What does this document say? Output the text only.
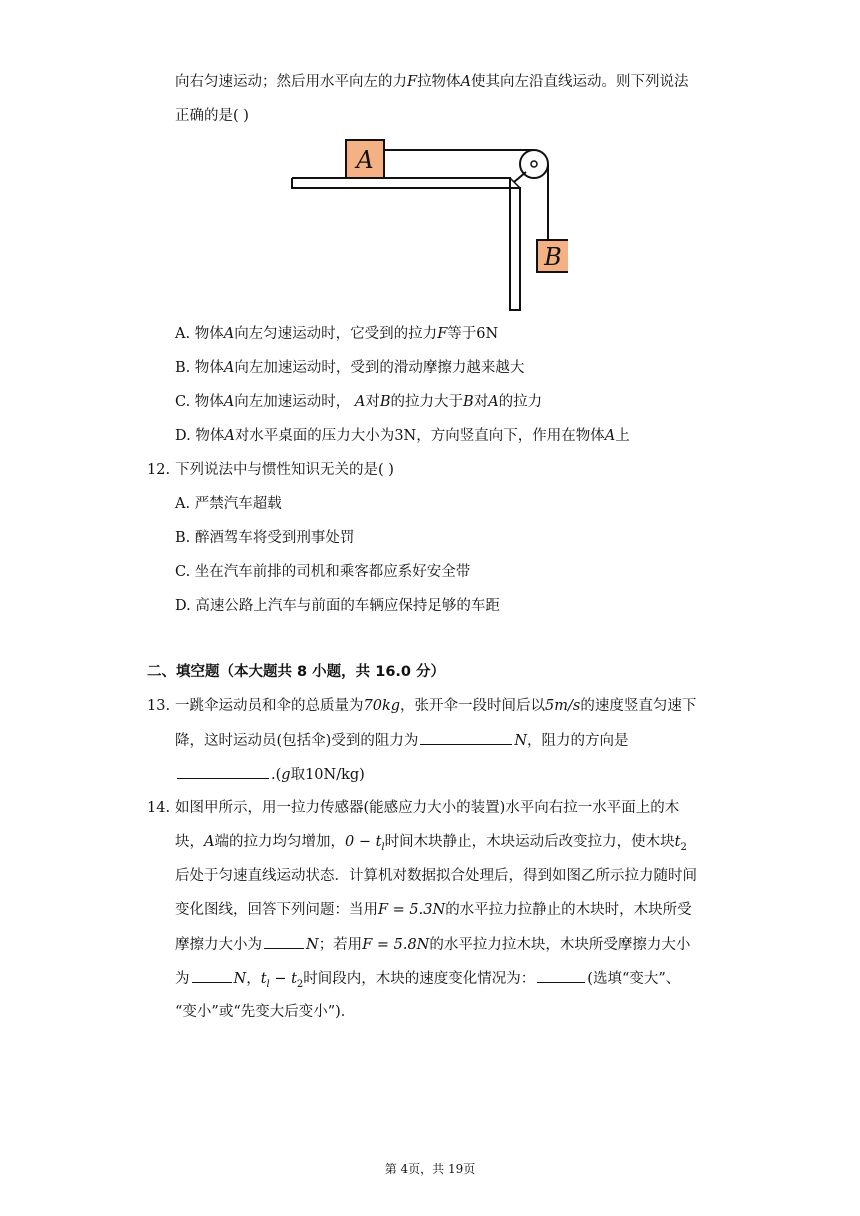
向右匀速运动；然后用水平向左的力F拉物体A使其向左沿直线运动。则下列说法
正确的是( )
A
B
A. 物体A向左匀速运动时，它受到的拉力F等于6N
B. 物体A向左加速运动时，受到的滑动摩擦力越来越大
C. 物体A向左加速运动时， A对B的拉力大于B对A的拉力
D. 物体A对水平桌面的压力大小为3N，方向竖直向下，作用在物体A上
12. 下列说法中与惯性知识无关的是( )
A. 严禁汽车超载
B. 醉酒驾车将受到刑事处罚
C. 坐在汽车前排的司机和乘客都应系好安全带
D. 高速公路上汽车与前面的车辆应保持足够的车距
二、填空题（本大题共 8 小题，共 16.0 分）
13. 一跳伞运动员和伞的总质量为70kg，张开伞一段时间后以5m/s的速度竖直匀速下
降，这时运动员(包括伞)受到的阻力为	N，阻力的方向是
.(g取10N/kg)
14. 如图甲所示，用一拉力传感器(能感应力大小的装置)水平向右拉一水平面上的木
块，A端的拉力均匀增加，$0 - t_l$时间木块静止，木块运动后改变拉力，使木块$t_2$
后处于匀速直线运动状态．计算机对数据拟合处理后，得到如图乙所示拉力随时间
变化图线，回答下列问题：当用F = 5.3N的水平拉力拉静止的木块时，木块所受
摩擦力大小为	N；若用F = 5.8N的水平拉力拉木块，木块所受摩擦力大小
为	N，$t_l - t_2$时间段内，木块的速度变化情况为：	(选填“变大”、
“变小”或“先变大后变小”)．
第 4页，共 19页
